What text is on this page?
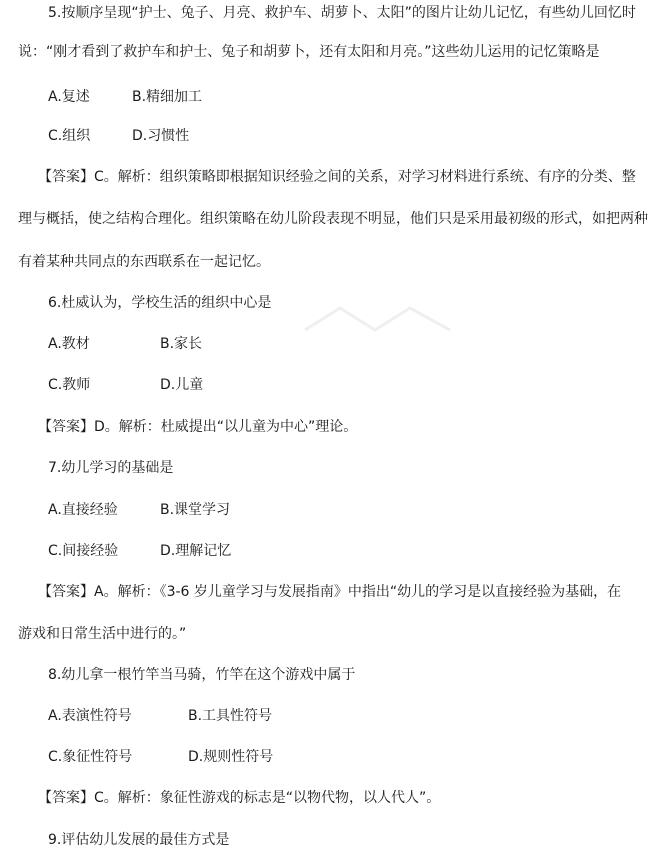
5.按顺序呈现“护士、兔子、月亮、救护车、胡萝卜、太阳”的图片让幼儿记忆，有些幼儿回忆时
说：“刚才看到了救护车和护士、兔子和胡萝卜，还有太阳和月亮。”这些幼儿运用的记忆策略是
A.复述	B.精细加工
C.组织	D.习惯性
【答案】C。解析：组织策略即根据知识经验之间的关系，对学习材料进行系统、有序的分类、整
理与概括，使之结构合理化。组织策略在幼儿阶段表现不明显，他们只是采用最初级的形式，如把两种
有着某种共同点的东西联系在一起记忆。
6.杜威认为，学校生活的组织中心是
A.教材	B.家长
C.教师	D.儿童
【答案】D。解析：杜威提出“以儿童为中心”理论。
7.幼儿学习的基础是
A.直接经验	B.课堂学习
C.间接经验	D.理解记忆
【答案】A。解析：《3-6 岁儿童学习与发展指南》中指出“幼儿的学习是以直接经验为基础，在
游戏和日常生活中进行的。”
8.幼儿拿一根竹竿当马骑，竹竿在这个游戏中属于
A.表演性符号	B.工具性符号
C.象征性符号	D.规则性符号
【答案】C。解析：象征性游戏的标志是“以物代物，以人代人”。
9.评估幼儿发展的最佳方式是
